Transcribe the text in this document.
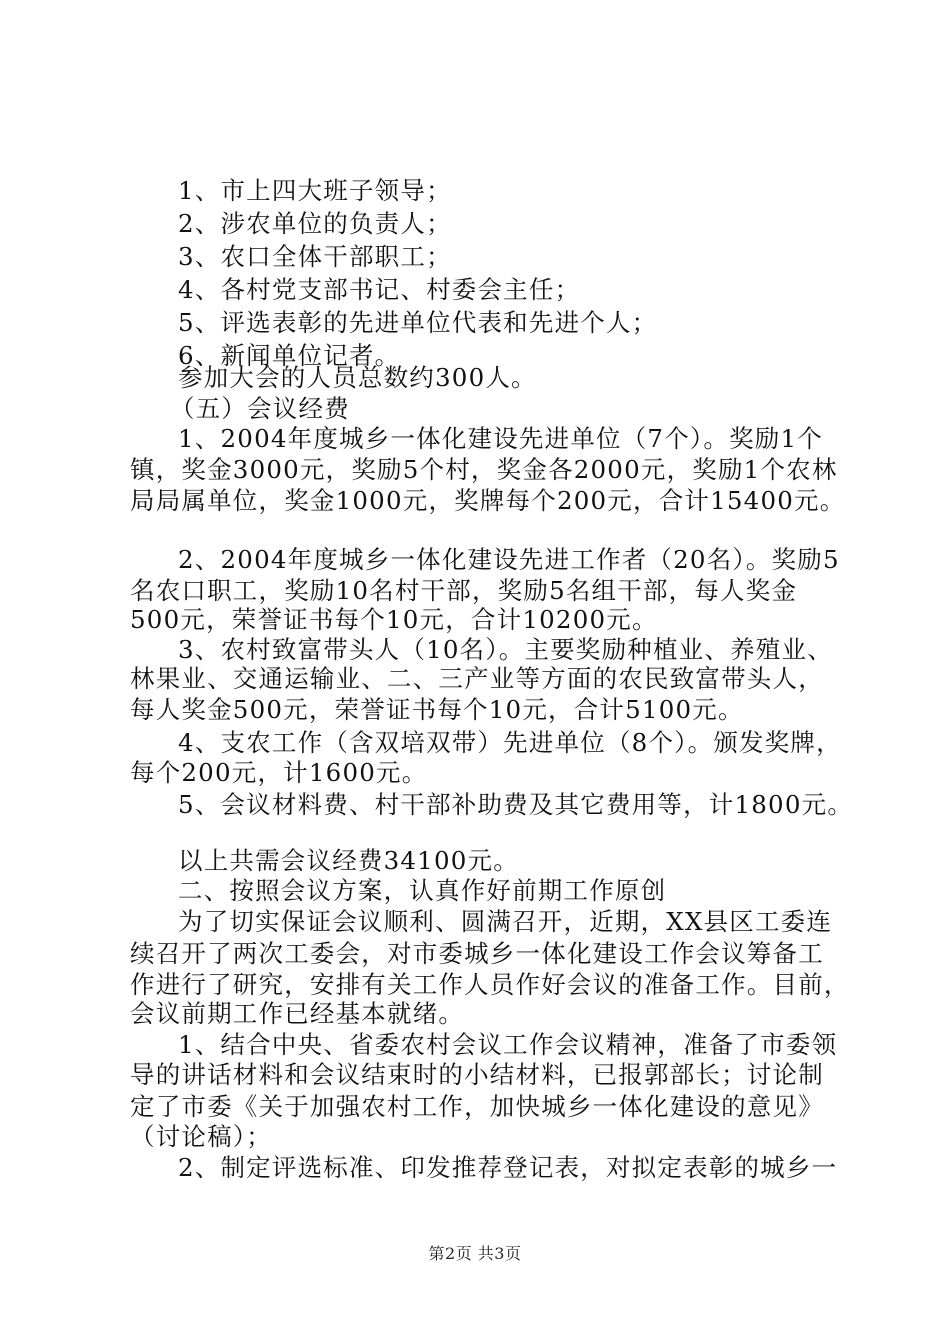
1、市上四大班子领导；
2、涉农单位的负责人；
3、农口全体干部职工；
4、各村党支部书记、村委会主任；
5、评选表彰的先进单位代表和先进个人；
6、新闻单位记者。
参加大会的人员总数约300人。
（五）会议经费
1、2004年度城乡一体化建设先进单位（7个）。奖励1个
镇，奖金3000元，奖励5个村，奖金各2000元，奖励1个农林
局局属单位，奖金1000元，奖牌每个200元，合计15400元。
2、2004年度城乡一体化建设先进工作者（20名）。奖励5
名农口职工，奖励10名村干部，奖励5名组干部，每人奖金
500元，荣誉证书每个10元，合计10200元。
3、农村致富带头人（10名）。主要奖励种植业、养殖业、
林果业、交通运输业、二、三产业等方面的农民致富带头人，
每人奖金500元，荣誉证书每个10元，合计5100元。
4、支农工作（含双培双带）先进单位（8个）。颁发奖牌，
每个200元，计1600元。
5、会议材料费、村干部补助费及其它费用等，计1800元。
以上共需会议经费34100元。
二、按照会议方案，认真作好前期工作原创
为了切实保证会议顺利、圆满召开，近期，XX县区工委连
续召开了两次工委会，对市委城乡一体化建设工作会议筹备工
作进行了研究，安排有关工作人员作好会议的准备工作。目前，
会议前期工作已经基本就绪。
1、结合中央、省委农村会议工作会议精神，准备了市委领
导的讲话材料和会议结束时的小结材料，已报郭部长；讨论制
定了市委《关于加强农村工作，加快城乡一体化建设的意见》
（讨论稿）；
2、制定评选标准、印发推荐登记表，对拟定表彰的城乡一
第2页 共3页
